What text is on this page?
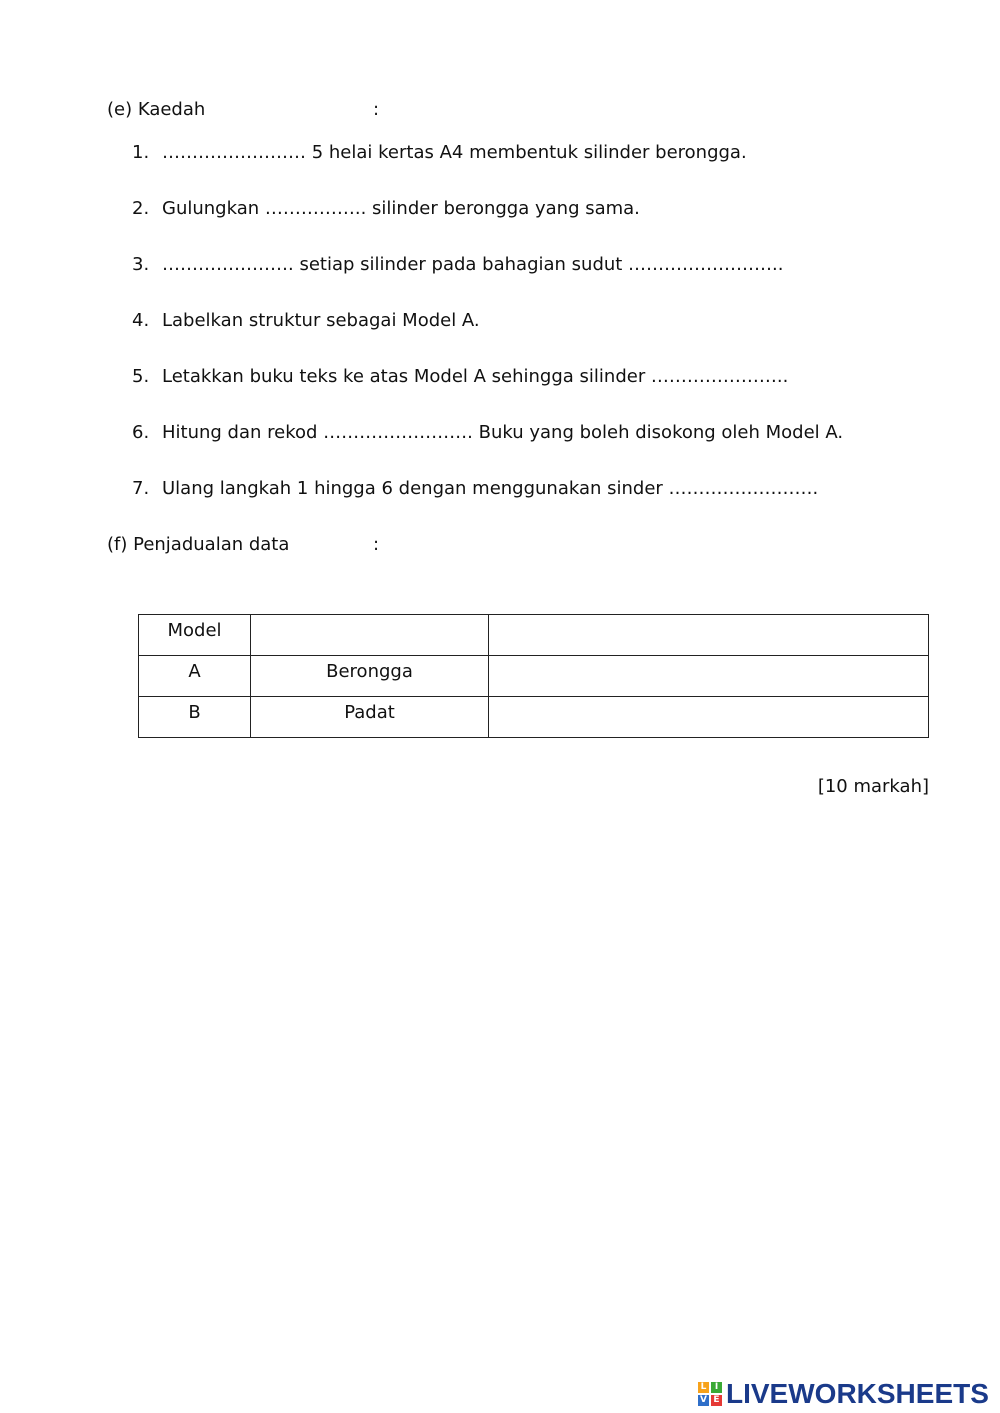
(e) Kaedah	:
1. …………………… 5 helai kertas A4 membentuk silinder berongga.
2. Gulungkan …………….. silinder berongga yang sama.
3. …………………. setiap silinder pada bahagian sudut ……………………..
4. Labelkan struktur sebagai Model A.
5. Letakkan buku teks ke atas Model A sehingga silinder …………………..
6. Hitung dan rekod ……………………. Buku yang boleh disokong oleh Model A.
7. Ulang langkah 1 hingga 6 dengan menggunakan sinder …………………….
(f) Penjadualan data	:
Model		
A	Berongga	
B	Padat	
[10 markah]
L I
V E LIVEWORKSHEETS
